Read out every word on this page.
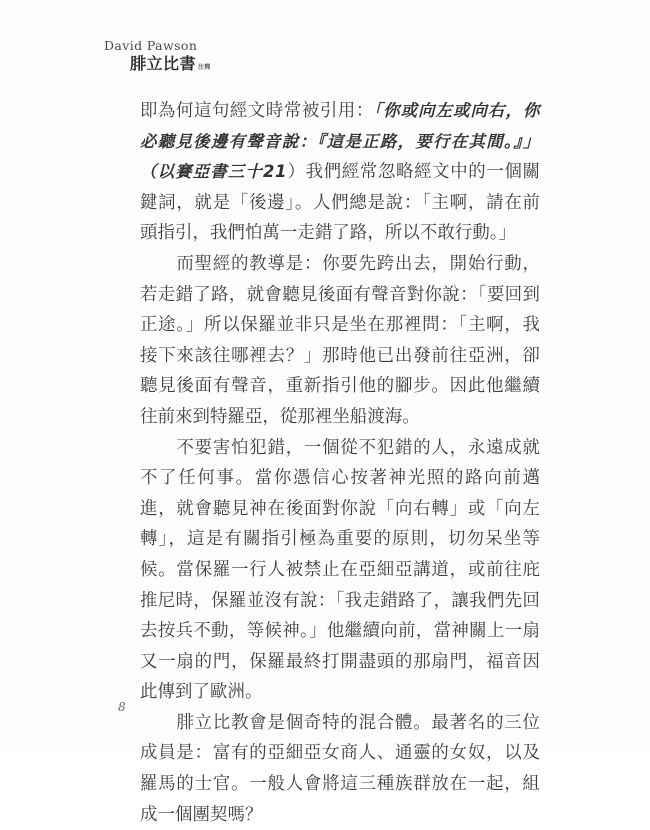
David Pawson
腓立比書 注釋

即為何這句經文時常被引用：「你或向左或向右，你必聽見後邊有聲音說：『這是正路，要行在其間。』」（以賽亞書三十21）我們經常忽略經文中的一個關鍵詞，就是「後邊」。人們總是說：「主啊，請在前頭指引，我們怕萬一走錯了路，所以不敢行動。」

而聖經的教導是：你要先跨出去，開始行動，若走錯了路，就會聽見後面有聲音對你說：「要回到正途。」所以保羅並非只是坐在那裡問：「主啊，我接下來該往哪裡去？」那時他已出發前往亞洲，卻聽見後面有聲音，重新指引他的腳步。因此他繼續往前來到特羅亞，從那裡坐船渡海。

不要害怕犯錯，一個從不犯錯的人，永遠成就不了任何事。當你憑信心按著神光照的路向前邁進，就會聽見神在後面對你說「向右轉」或「向左轉」，這是有關指引極為重要的原則，切勿呆坐等候。當保羅一行人被禁止在亞細亞講道，或前往庇推尼時，保羅並沒有說：「我走錯路了，讓我們先回去按兵不動，等候神。」他繼續向前，當神關上一扇又一扇的門，保羅最終打開盡頭的那扇門，福音因此傳到了歐洲。

腓立比教會是個奇特的混合體。最著名的三位成員是：富有的亞細亞女商人、通靈的女奴，以及羅馬的士官。一般人會將這三種族群放在一起，組成一個團契嗎？

8
